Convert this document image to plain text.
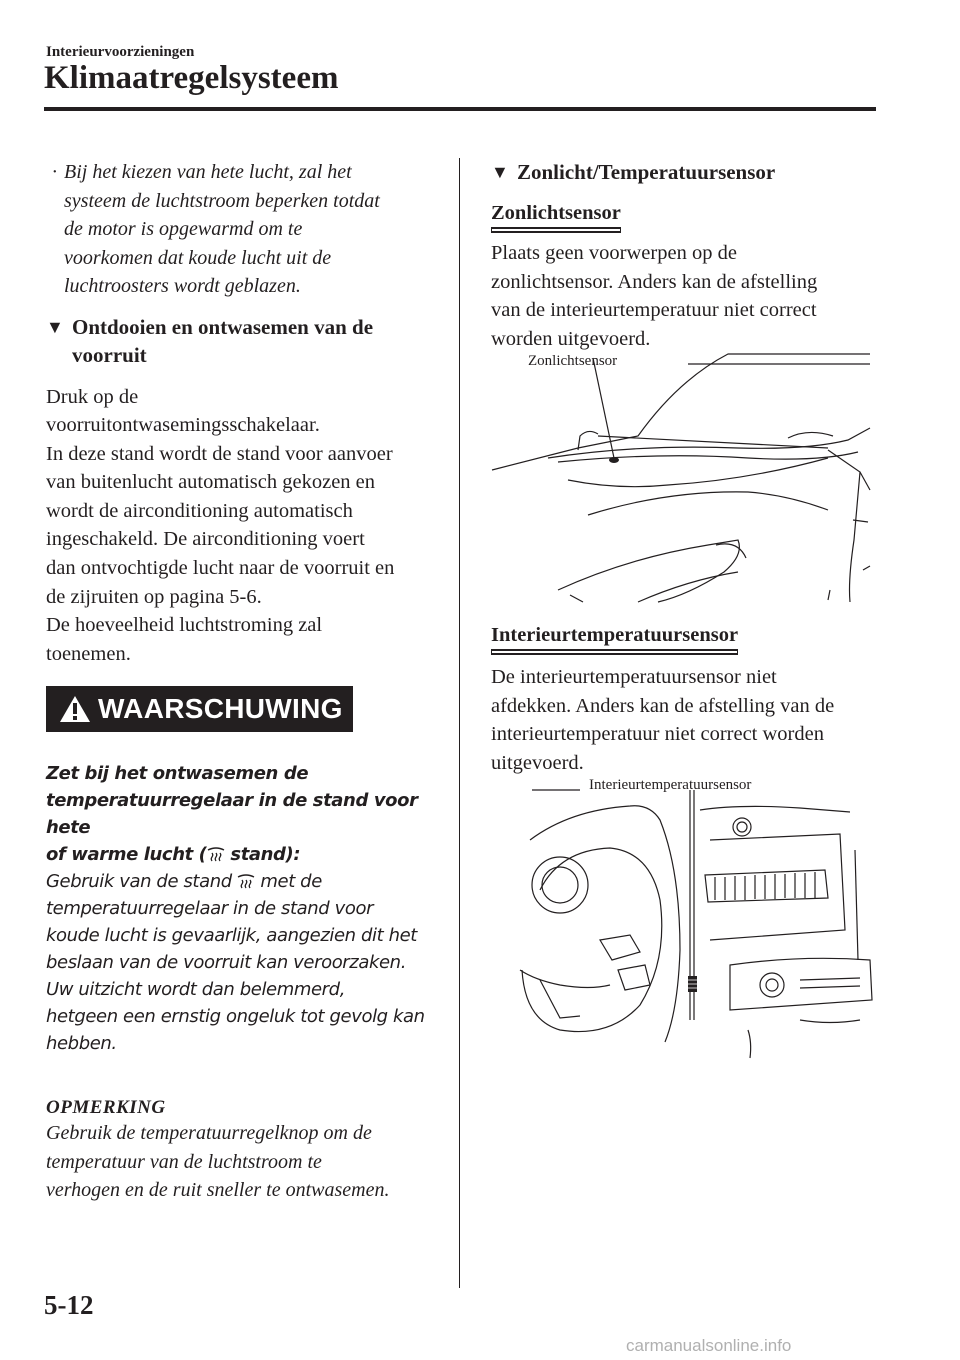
Interieurvoorzieningen
Klimaatregelsysteem
· Bij het kiezen van hete lucht, zal het
systeem de luchtstroom beperken totdat
de motor is opgewarmd om te
voorkomen dat koude lucht uit de
luchtroosters wordt geblazen.
▼ Ontdooien en ontwasemen van de
voorruit

Druk op de

voorruitontwasemingsschakelaar.

In deze stand wordt de stand voor aanvoer

van buitenlucht automatisch gekozen en

wordt de airconditioning automatisch

ingeschakeld. De airconditioning voert

dan ontvochtigde lucht naar de voorruit en

de zijruiten op pagina 5-6.

De hoeveelheid luchtstroming zal

toenemen.

WAARSCHUWING
Zet bij het ontwasemen de
temperatuurregelaar in de stand voor hete
of warme lucht ( stand):
Gebruik van de stand  met de
temperatuurregelaar in de stand voor
koude lucht is gevaarlijk, aangezien dit het
beslaan van de voorruit kan veroorzaken.
Uw uitzicht wordt dan belemmerd,
hetgeen een ernstig ongeluk tot gevolg kan
hebben.
OPMERKING
Gebruik de temperatuurregelknop om de
temperatuur van de luchtstroom te
verhogen en de ruit sneller te ontwasemen.
▼ Zonlicht/Temperatuursensor
Zonlichtsensor

Plaats geen voorwerpen op de

zonlichtsensor. Anders kan de afstelling

van de interieurtemperatuur niet correct

worden uitgevoerd.

Zonlichtsensor
Interieurtemperatuursensor

De interieurtemperatuursensor niet

afdekken. Anders kan de afstelling van de

interieurtemperatuur niet correct worden

uitgevoerd.

Interieurtemperatuursensor
5-12
carmanualsonline.info
